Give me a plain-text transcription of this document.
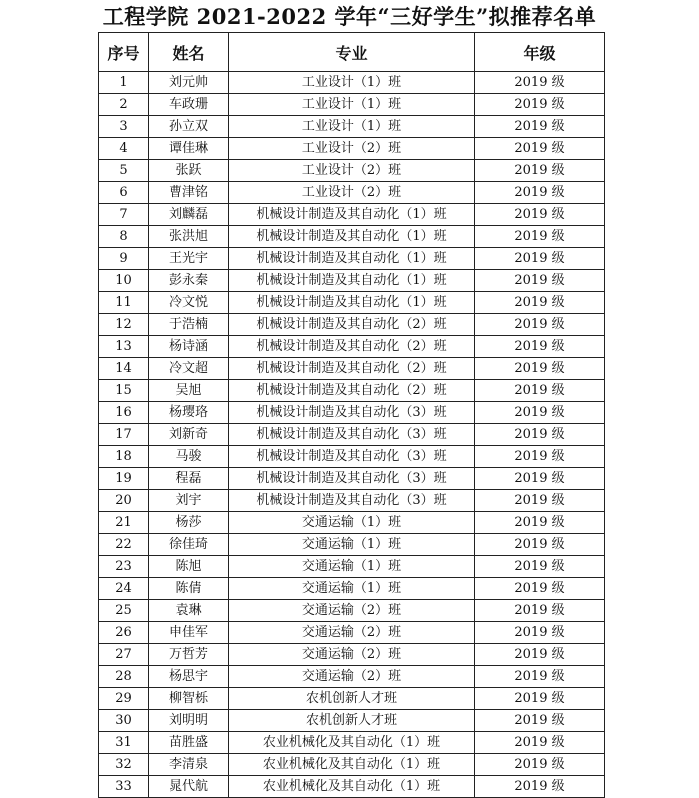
工程学院 2021-2022 学年“三好学生”拟推荐名单
序号	姓名	专业	年级
1	刘元帅	工业设计（1）班	2019 级
2	车政珊	工业设计（1）班	2019 级
3	孙立双	工业设计（1）班	2019 级
4	谭佳琳	工业设计（2）班	2019 级
5	张跃	工业设计（2）班	2019 级
6	曹津铭	工业设计（2）班	2019 级
7	刘麟磊	机械设计制造及其自动化（1）班	2019 级
8	张洪旭	机械设计制造及其自动化（1）班	2019 级
9	王光宇	机械设计制造及其自动化（1）班	2019 级
10	彭永秦	机械设计制造及其自动化（1）班	2019 级
11	冷文悦	机械设计制造及其自动化（1）班	2019 级
12	于浩楠	机械设计制造及其自动化（2）班	2019 级
13	杨诗涵	机械设计制造及其自动化（2）班	2019 级
14	冷文超	机械设计制造及其自动化（2）班	2019 级
15	吴旭	机械设计制造及其自动化（2）班	2019 级
16	杨璎珞	机械设计制造及其自动化（3）班	2019 级
17	刘新奇	机械设计制造及其自动化（3）班	2019 级
18	马骏	机械设计制造及其自动化（3）班	2019 级
19	程磊	机械设计制造及其自动化（3）班	2019 级
20	刘宇	机械设计制造及其自动化（3）班	2019 级
21	杨莎	交通运输（1）班	2019 级
22	徐佳琦	交通运输（1）班	2019 级
23	陈旭	交通运输（1）班	2019 级
24	陈倩	交通运输（1）班	2019 级
25	袁琳	交通运输（2）班	2019 级
26	申佳军	交通运输（2）班	2019 级
27	万哲芳	交通运输（2）班	2019 级
28	杨思宇	交通运输（2）班	2019 级
29	柳智栎	农机创新人才班	2019 级
30	刘明明	农机创新人才班	2019 级
31	苗胜盛	农业机械化及其自动化（1）班	2019 级
32	李清泉	农业机械化及其自动化（1）班	2019 级
33	晁代航	农业机械化及其自动化（1）班	2019 级
